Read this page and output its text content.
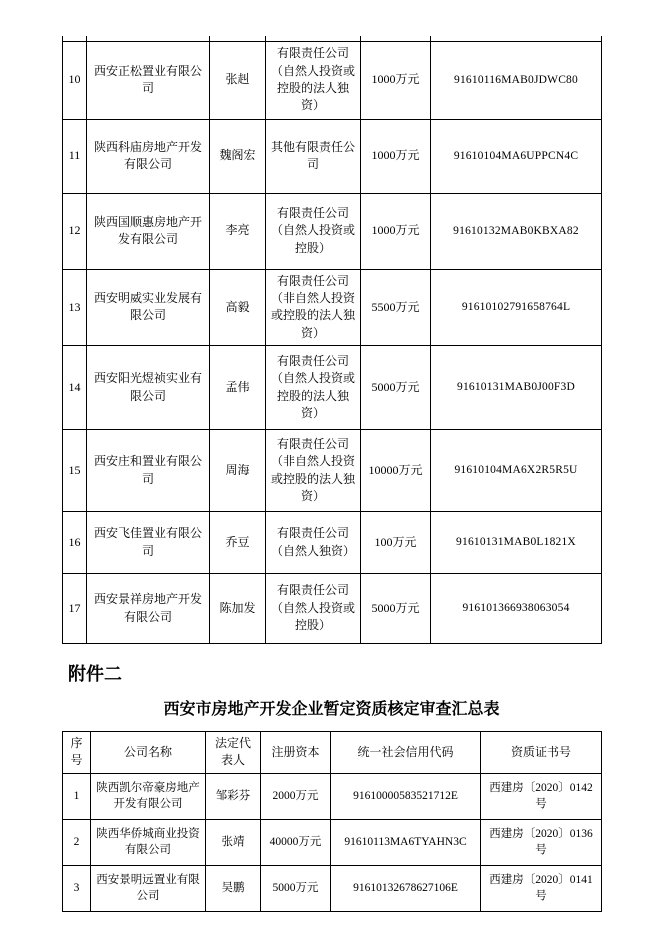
10	西安正松置业有限公司	张赳	有限责任公司（自然人投资或控股的法人独资）	1000万元	91610116MAB0JDWC80
11	陕西科庙房地产开发有限公司	魏阁宏	其他有限责任公司	1000万元	91610104MA6UPPCN4C
12	陕西国顺惠房地产开发有限公司	李亮	有限责任公司（自然人投资或控股）	1000万元	91610132MAB0KBXA82
13	西安明威实业发展有限公司	高毅	有限责任公司（非自然人投资或控股的法人独资）	5500万元	91610102791658764L
14	西安阳光煜祯实业有限公司	孟伟	有限责任公司（自然人投资或控股的法人独资）	5000万元	91610131MAB0J00F3D
15	西安庄和置业有限公司	周海	有限责任公司（非自然人投资或控股的法人独资）	10000万元	91610104MA6X2R5R5U
16	西安飞佳置业有限公司	乔豆	有限责任公司（自然人独资）	100万元	91610131MAB0L1821X
17	西安景祥房地产开发有限公司	陈加发	有限责任公司（自然人投资或控股）	5000万元	916101366938063054
附件二
西安市房地产开发企业暂定资质核定审查汇总表
序号	公司名称	法定代表人	注册资本	统一社会信用代码	资质证书号
1	陕西凯尔帝豪房地产开发有限公司	邹彩芬	2000万元	91610000583521712E	西建房〔2020〕0142号
2	陕西华侨城商业投资有限公司	张靖	40000万元	91610113MA6TYAHN3C	西建房〔2020〕0136号
3	西安景明远置业有限公司	吴鹏	5000万元	91610132678627106E	西建房〔2020〕0141号
